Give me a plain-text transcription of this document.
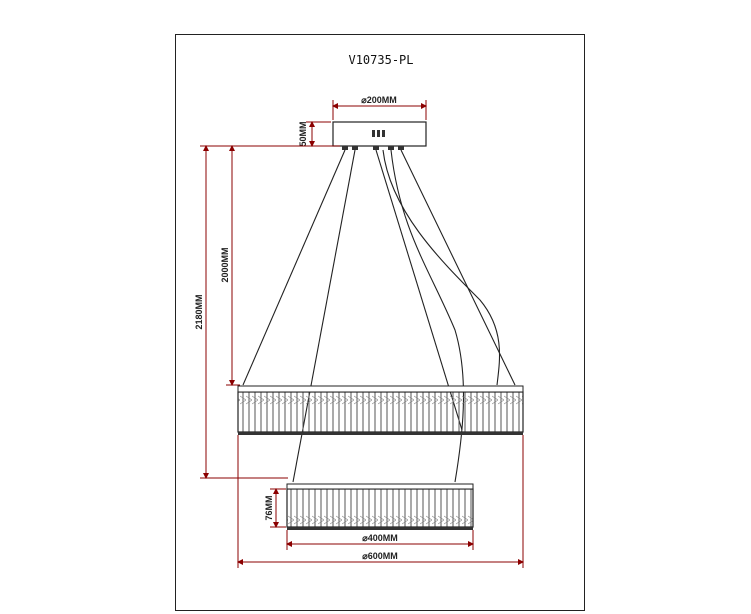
V10735-PL
⌀200MM
50MM
2000MM
2180MM
76MM
⌀400MM
⌀600MM
